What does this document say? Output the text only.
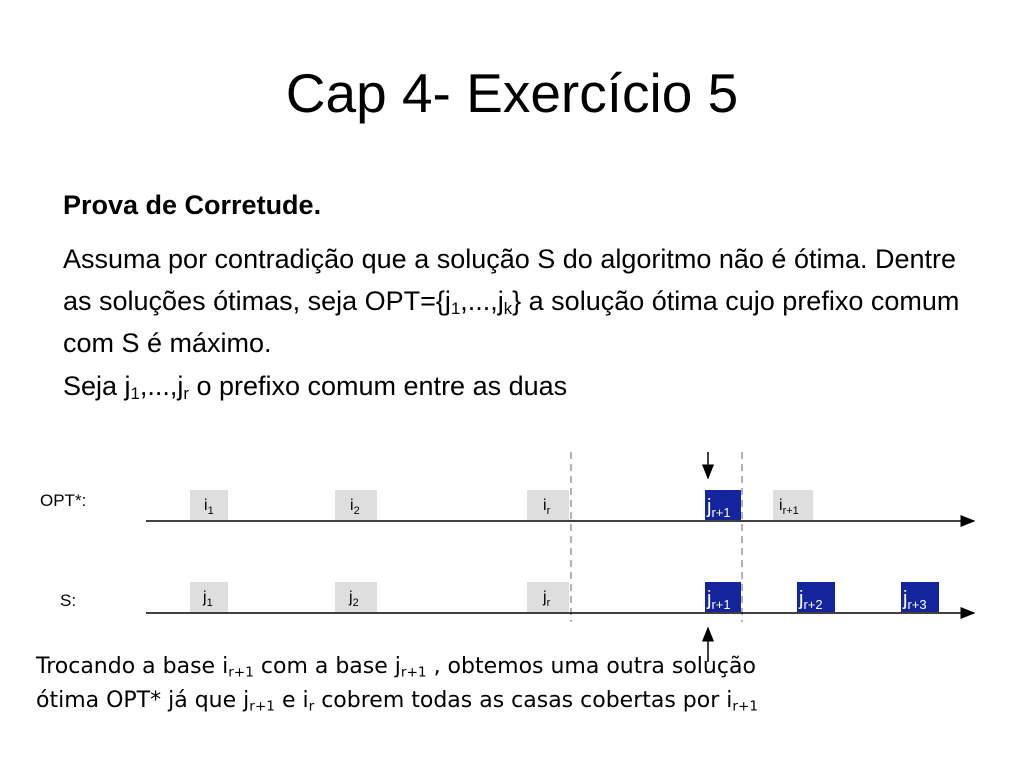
Cap 4- Exercício 5
Prova de Corretude.
Assuma por contradição que a solução S do algoritmo não é ótima. Dentre as soluções ótimas, seja $OPT=\{j_1,...,j_k\}$ a solução ótima cujo prefixo comum com S é máximo.
Seja $j_1,...,j_r$ o prefixo comum entre as duas
OPT*:
S:
$i_1$	$i_2$	$i_r$	$j_{r+1}$	$i_{r+1}$
$j_1$	$j_2$	$j_r$	$j_{r+1}$	$j_{r+2}$	$j_{r+3}$
Trocando a base $i_{r+1}$ com a base $j_{r+1}$ , obtemos uma outra solução
ótima OPT* já que $j_{r+1}$ e $i_r$ cobrem todas as casas cobertas por $i_{r+1}$
